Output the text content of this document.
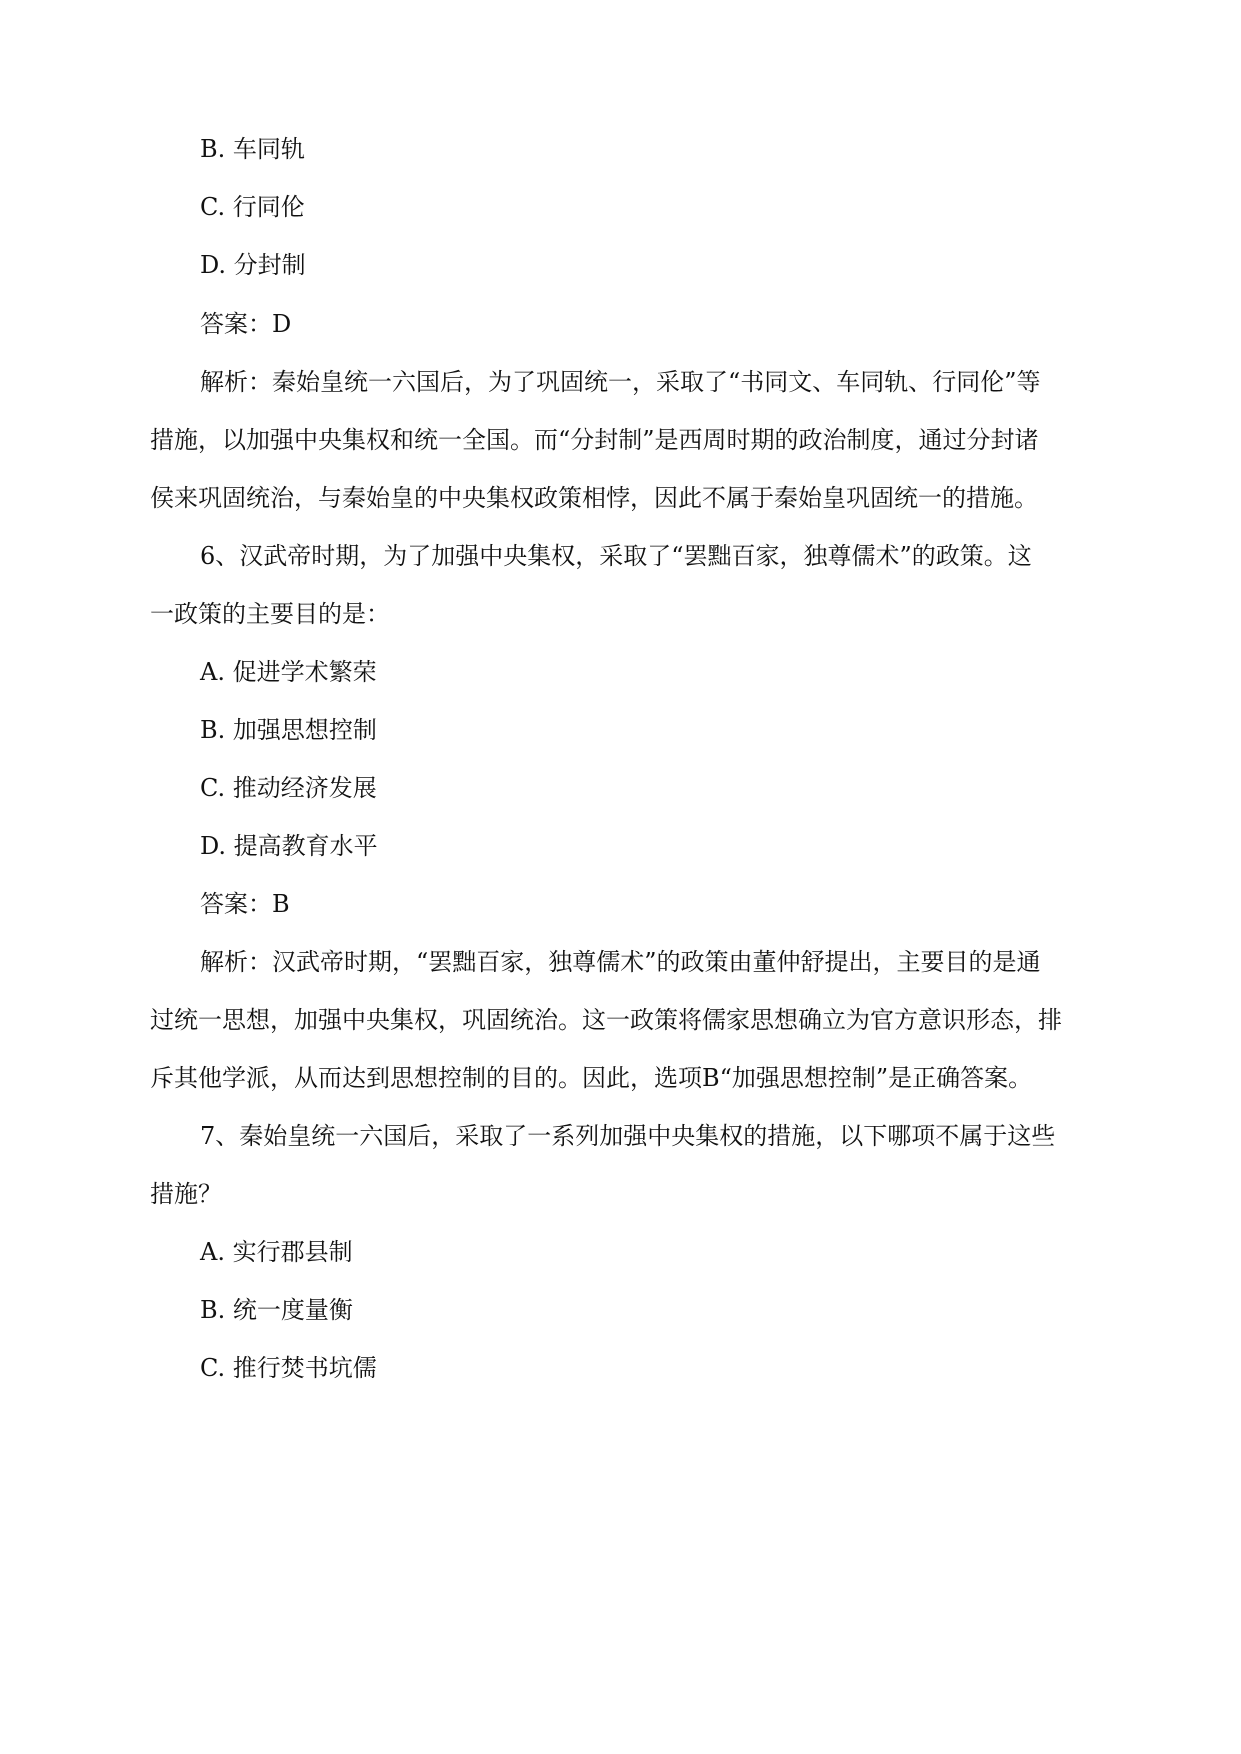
B. 车同轨
C. 行同伦
D. 分封制
答案：D
解析：秦始皇统一六国后，为了巩固统一，采取了“书同文、车同轨、行同伦”等
措施，以加强中央集权和统一全国。而“分封制”是西周时期的政治制度，通过分封诸
侯来巩固统治，与秦始皇的中央集权政策相悖，因此不属于秦始皇巩固统一的措施。
6、汉武帝时期，为了加强中央集权，采取了“罢黜百家，独尊儒术”的政策。这
一政策的主要目的是：
A. 促进学术繁荣
B. 加强思想控制
C. 推动经济发展
D. 提高教育水平
答案：B
解析：汉武帝时期，“罢黜百家，独尊儒术”的政策由董仲舒提出，主要目的是通
过统一思想，加强中央集权，巩固统治。这一政策将儒家思想确立为官方意识形态，排
斥其他学派，从而达到思想控制的目的。因此，选项B“加强思想控制”是正确答案。
7、秦始皇统一六国后，采取了一系列加强中央集权的措施，以下哪项不属于这些
措施？
A. 实行郡县制
B. 统一度量衡
C. 推行焚书坑儒
